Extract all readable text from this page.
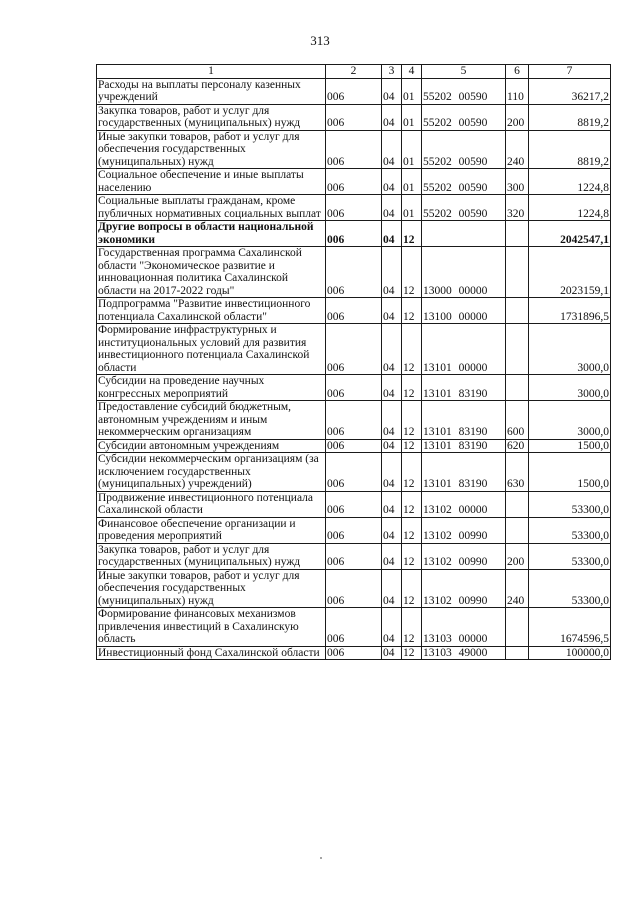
313
1	2	3	4	5	6	7
Расходы на выплаты персоналу казенных учреждений	006	04	01	55202 00590	110	36217,2
Закупка товаров, работ и услуг для государственных (муниципальных) нужд	006	04	01	55202 00590	200	8819,2
Иные закупки товаров, работ и услуг для обеспечения государственных (муниципальных) нужд	006	04	01	55202 00590	240	8819,2
Социальное обеспечение и иные выплаты населению	006	04	01	55202 00590	300	1224,8
Социальные выплаты гражданам, кроме публичных нормативных социальных выплат	006	04	01	55202 00590	320	1224,8
Другие вопросы в области национальной экономики	006	04	12			2042547,1
Государственная программа Сахалинской области "Экономическое развитие и инновационная политика Сахалинской области на 2017-2022 годы"	006	04	12	13000 00000		2023159,1
Подпрограмма "Развитие инвестиционного потенциала Сахалинской области"	006	04	12	13100 00000		1731896,5
Формирование инфраструктурных и институциональных условий для развития инвестиционного потенциала Сахалинской области	006	04	12	13101 00000		3000,0
Субсидии на проведение научных конгрессных мероприятий	006	04	12	13101 83190		3000,0
Предоставление субсидий бюджетным, автономным учреждениям и иным некоммерческим организациям	006	04	12	13101 83190	600	3000,0
Субсидии автономным учреждениям	006	04	12	13101 83190	620	1500,0
Субсидии некоммерческим организациям (за исключением государственных (муниципальных) учреждений)	006	04	12	13101 83190	630	1500,0
Продвижение инвестиционного потенциала Сахалинской области	006	04	12	13102 00000		53300,0
Финансовое обеспечение организации и проведения мероприятий	006	04	12	13102 00990		53300,0
Закупка товаров, работ и услуг для государственных (муниципальных) нужд	006	04	12	13102 00990	200	53300,0
Иные закупки товаров, работ и услуг для обеспечения государственных (муниципальных) нужд	006	04	12	13102 00990	240	53300,0
Формирование финансовых механизмов привлечения инвестиций в Сахалинскую область	006	04	12	13103 00000		1674596,5
Инвестиционный фонд Сахалинской области	006	04	12	13103 49000		100000,0
